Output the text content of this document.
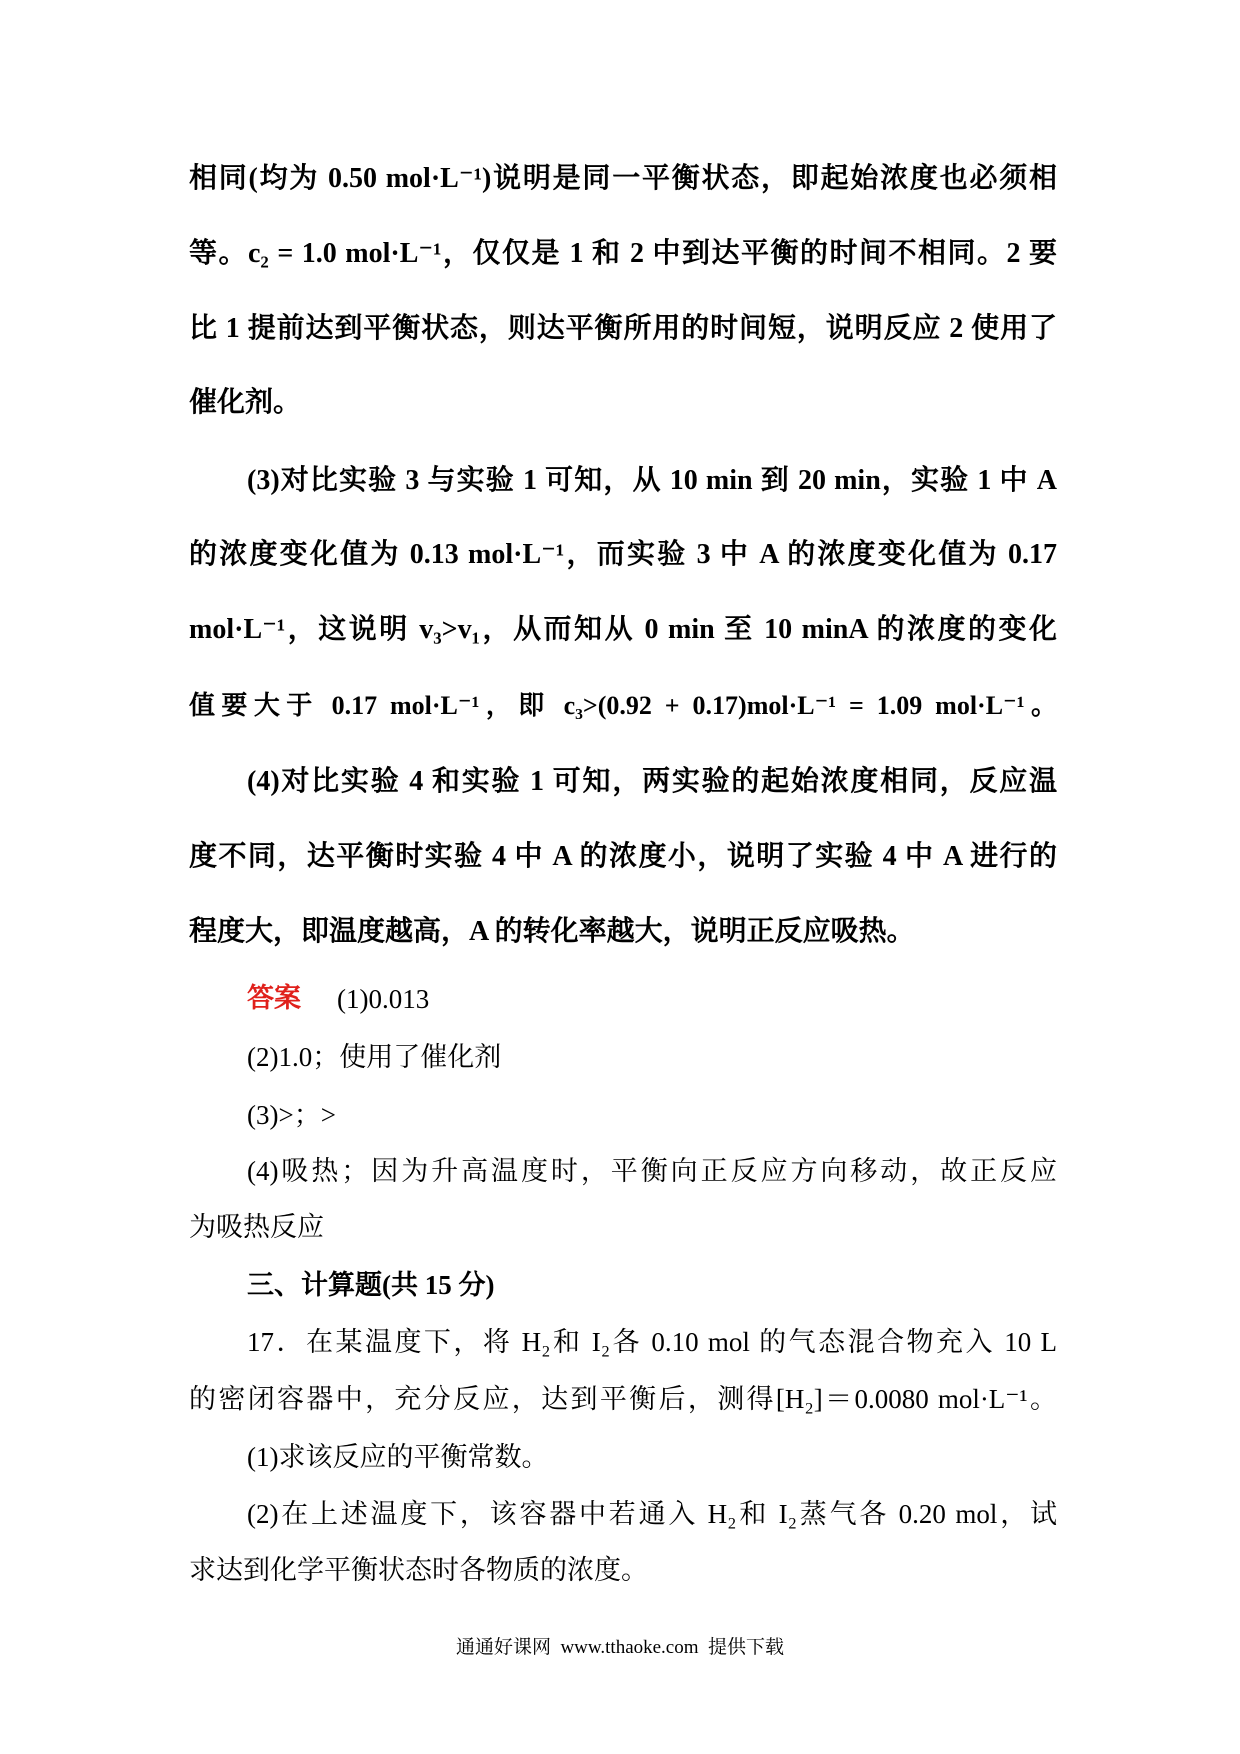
相同(均为 0.50 mol·L⁻¹)说明是同一平衡状态，即起始浓度也必须相
等。c₂ = 1.0 mol·L⁻¹，仅仅是 1 和 2 中到达平衡的时间不相同。2 要
比 1 提前达到平衡状态，则达平衡所用的时间短，说明反应 2 使用了
催化剂。
(3)对比实验 3 与实验 1 可知，从 10 min 到 20 min，实验 1 中 A
的浓度变化值为 0.13 mol·L⁻¹，而实验 3 中 A 的浓度变化值为 0.17
mol·L⁻¹，这说明 v₃>v₁，从而知从 0 min 至 10 minA 的浓度的变化
值要大于 0.17 mol·L⁻¹，即 c₃>(0.92 + 0.17)mol·L⁻¹ = 1.09 mol·L⁻¹。
(4)对比实验 4 和实验 1 可知，两实验的起始浓度相同，反应温
度不同，达平衡时实验 4 中 A 的浓度小，说明了实验 4 中 A 进行的
程度大，即温度越高，A 的转化率越大，说明正反应吸热。
答案 (1)0.013
(2)1.0；使用了催化剂
(3)>；>
(4)吸热；因为升高温度时，平衡向正反应方向移动，故正反应
为吸热反应
三、计算题(共 15 分)
17．在某温度下，将 H₂和 I₂各 0.10 mol 的气态混合物充入 10 L
的密闭容器中，充分反应，达到平衡后，测得[H₂]＝0.0080 mol·L⁻¹。
(1)求该反应的平衡常数。
(2)在上述温度下，该容器中若通入 H₂和 I₂蒸气各 0.20 mol，试
求达到化学平衡状态时各物质的浓度。
通通好课网  www.tthaoke.com  提供下载
